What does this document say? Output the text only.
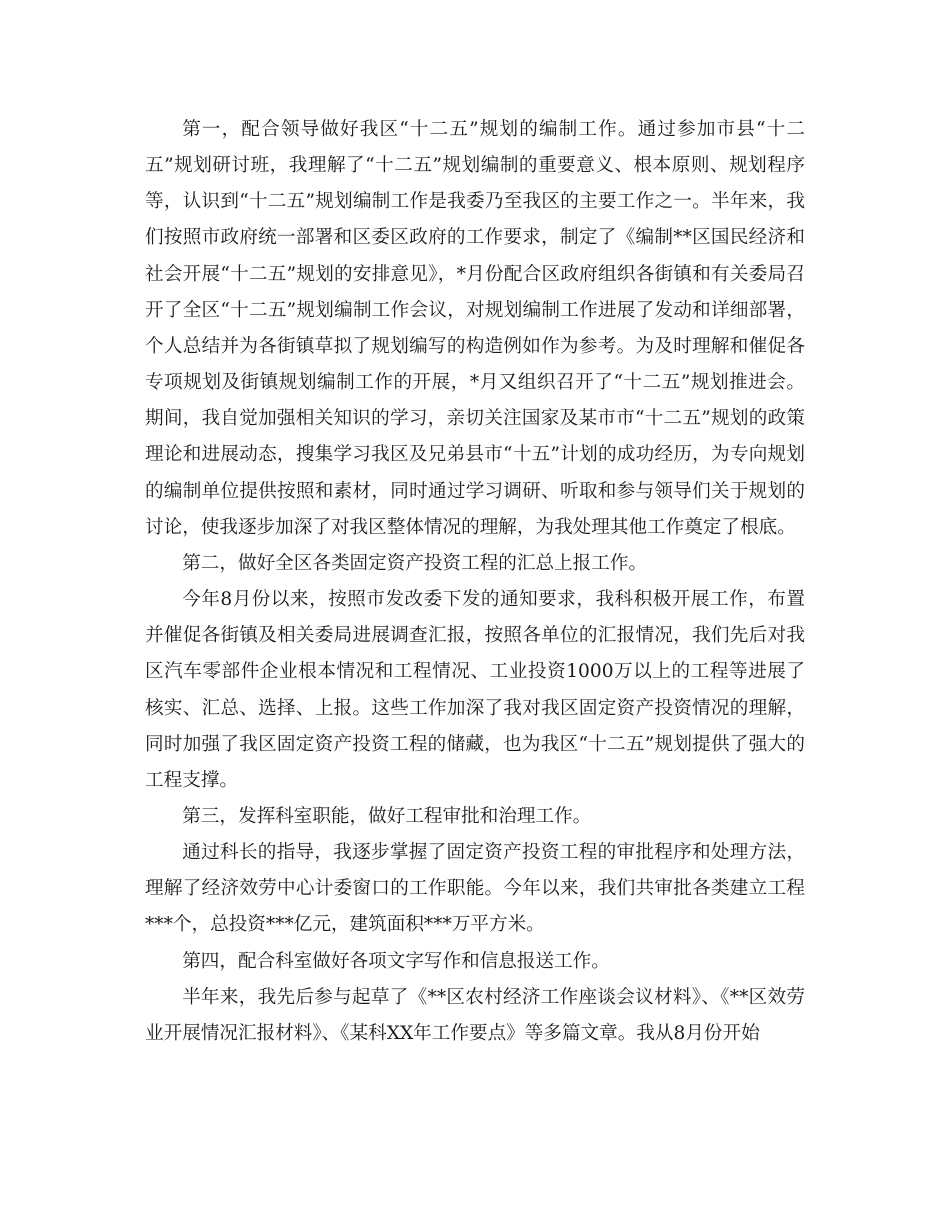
第一，配合领导做好我区“十二五”规划的编制工作。通过参加市县“十二五”规划研讨班，我理解了“十二五”规划编制的重要意义、根本原则、规划程序等，认识到“十二五”规划编制工作是我委乃至我区的主要工作之一。半年来，我们按照市政府统一部署和区委区政府的工作要求，制定了《编制**区国民经济和社会开展“十二五”规划的安排意见》，*月份配合区政府组织各街镇和有关委局召开了全区“十二五”规划编制工作会议，对规划编制工作进展了发动和详细部署，个人总结并为各街镇草拟了规划编写的构造例如作为参考。为及时理解和催促各专项规划及街镇规划编制工作的开展，*月又组织召开了“十二五”规划推进会。期间，我自觉加强相关知识的学习，亲切关注国家及某市市“十二五”规划的政策理论和进展动态，搜集学习我区及兄弟县市“十五”计划的成功经历，为专向规划的编制单位提供按照和素材，同时通过学习调研、听取和参与领导们关于规划的讨论，使我逐步加深了对我区整体情况的理解，为我处理其他工作奠定了根底。

第二，做好全区各类固定资产投资工程的汇总上报工作。

今年8月份以来，按照市发改委下发的通知要求，我科积极开展工作，布置并催促各街镇及相关委局进展调查汇报，按照各单位的汇报情况，我们先后对我区汽车零部件企业根本情况和工程情况、工业投资1000万以上的工程等进展了核实、汇总、选择、上报。这些工作加深了我对我区固定资产投资情况的理解，同时加强了我区固定资产投资工程的储藏，也为我区“十二五”规划提供了强大的工程支撑。

第三，发挥科室职能，做好工程审批和治理工作。

通过科长的指导，我逐步掌握了固定资产投资工程的审批程序和处理方法，理解了经济效劳中心计委窗口的工作职能。今年以来，我们共审批各类建立工程***个，总投资***亿元，建筑面积***万平方米。

第四，配合科室做好各项文字写作和信息报送工作。

半年来，我先后参与起草了《**区农村经济工作座谈会议材料》、《**区效劳业开展情况汇报材料》、《某科XX年工作要点》等多篇文章。我从8月份开始
